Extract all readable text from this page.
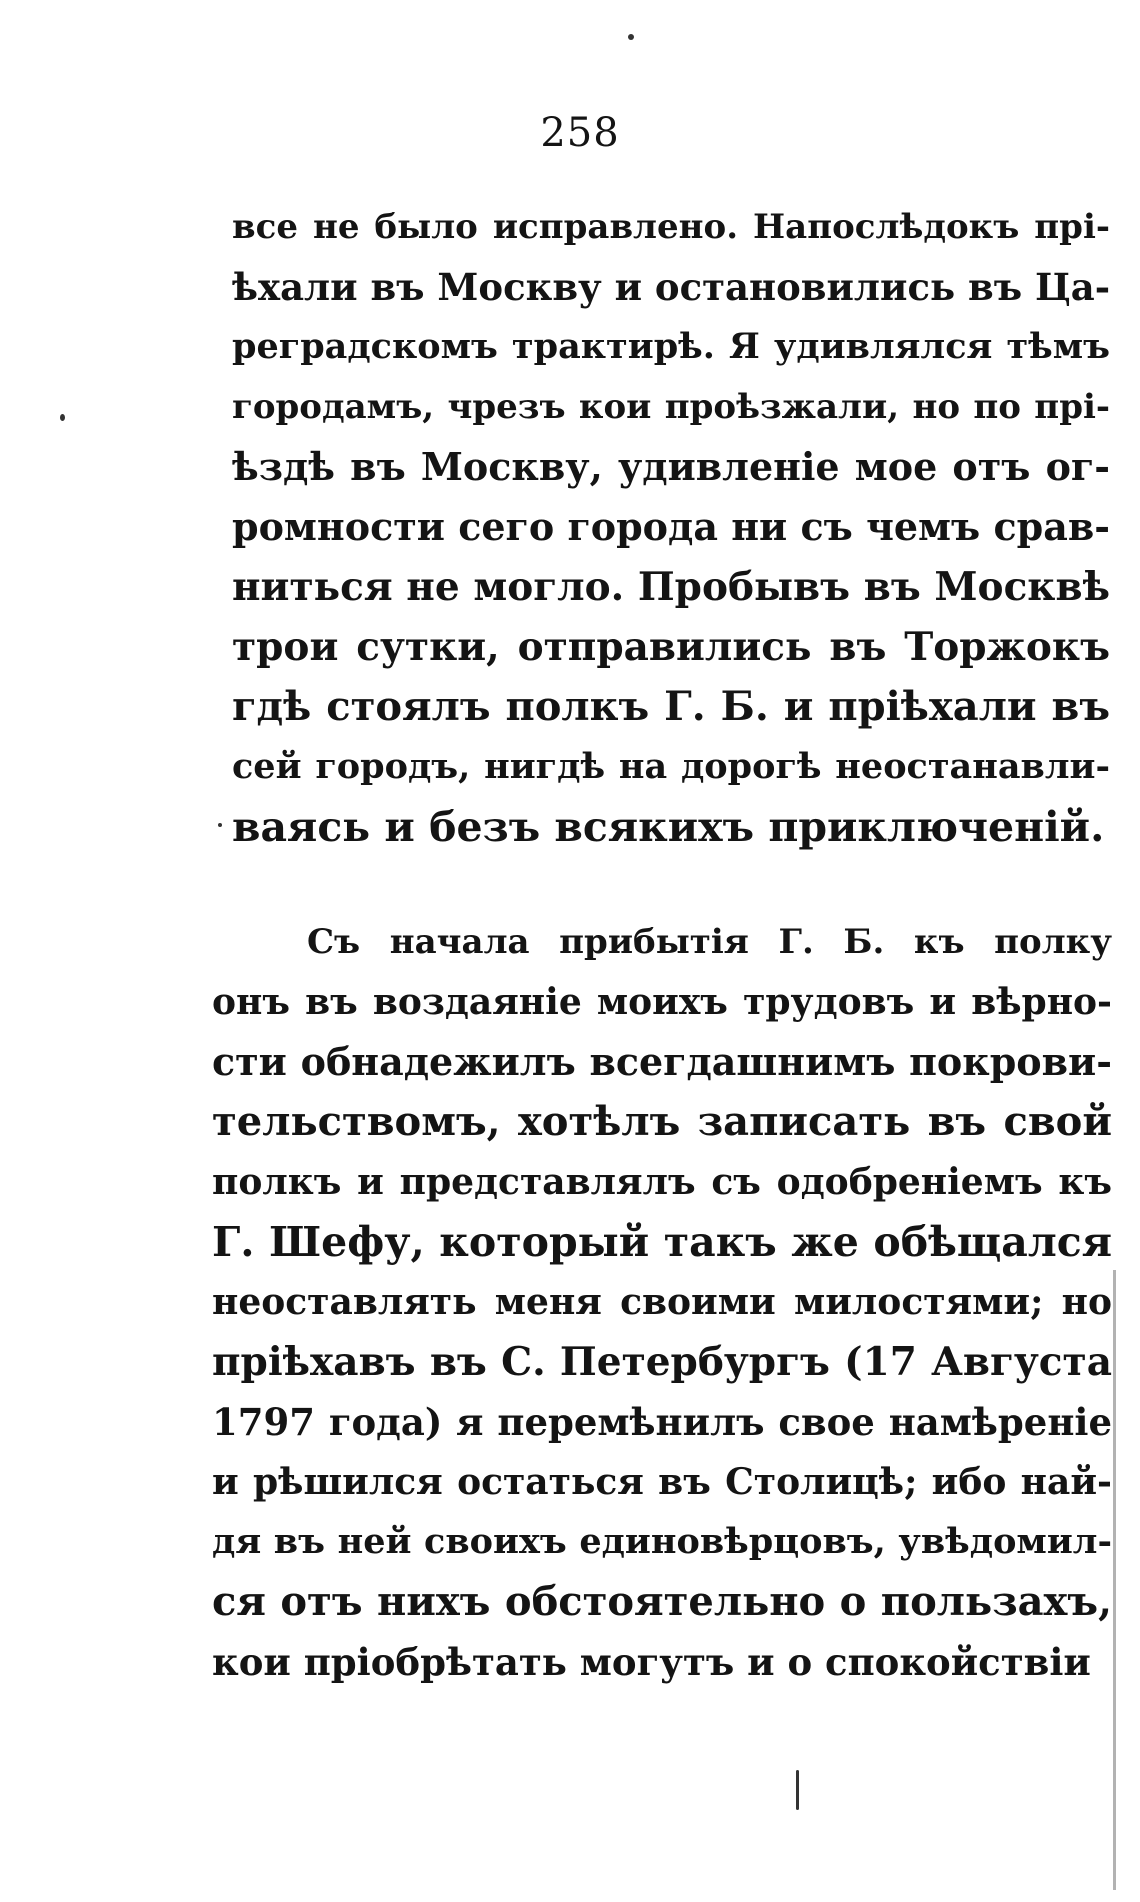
258
все не было исправлено. Напослѣдокъ прі-
ѣхали въ Москву и остановились въ Ца-
реградскомъ трактирѣ. Я удивлялся тѣмъ
городамъ, чрезъ кои проѣзжали, но по прі-
ѣздѣ въ Москву, удивленіе мое отъ ог-
ромности сего города ни съ чемъ срав-
ниться не могло. Пробывъ въ Москвѣ
трои сутки, отправились въ Торжокъ
гдѣ стоялъ полкъ Г. Б. и пріѣхали въ
сей городъ, нигдѣ на дорогѣ неостанавли-
ваясь и безъ всякихъ приключеній.
Съ начала прибытія Г. Б. къ полку
онъ въ воздаяніе моихъ трудовъ и вѣрно-
сти обнадежилъ всегдашнимъ покрови-
тельствомъ, хотѣлъ записать въ свой
полкъ и представлялъ съ одобреніемъ къ
Г. Шефу, который такъ же обѣщался
неоставлять меня своими милостями; но
пріѣхавъ въ С. Петербургъ (17 Августа
1797 года) я перемѣнилъ свое намѣреніе
и рѣшился остаться въ Столицѣ; ибо най-
дя въ ней своихъ единовѣрцовъ, увѣдомил-
ся отъ нихъ обстоятельно о пользахъ,
кои пріобрѣтать могутъ и о спокойствіи
